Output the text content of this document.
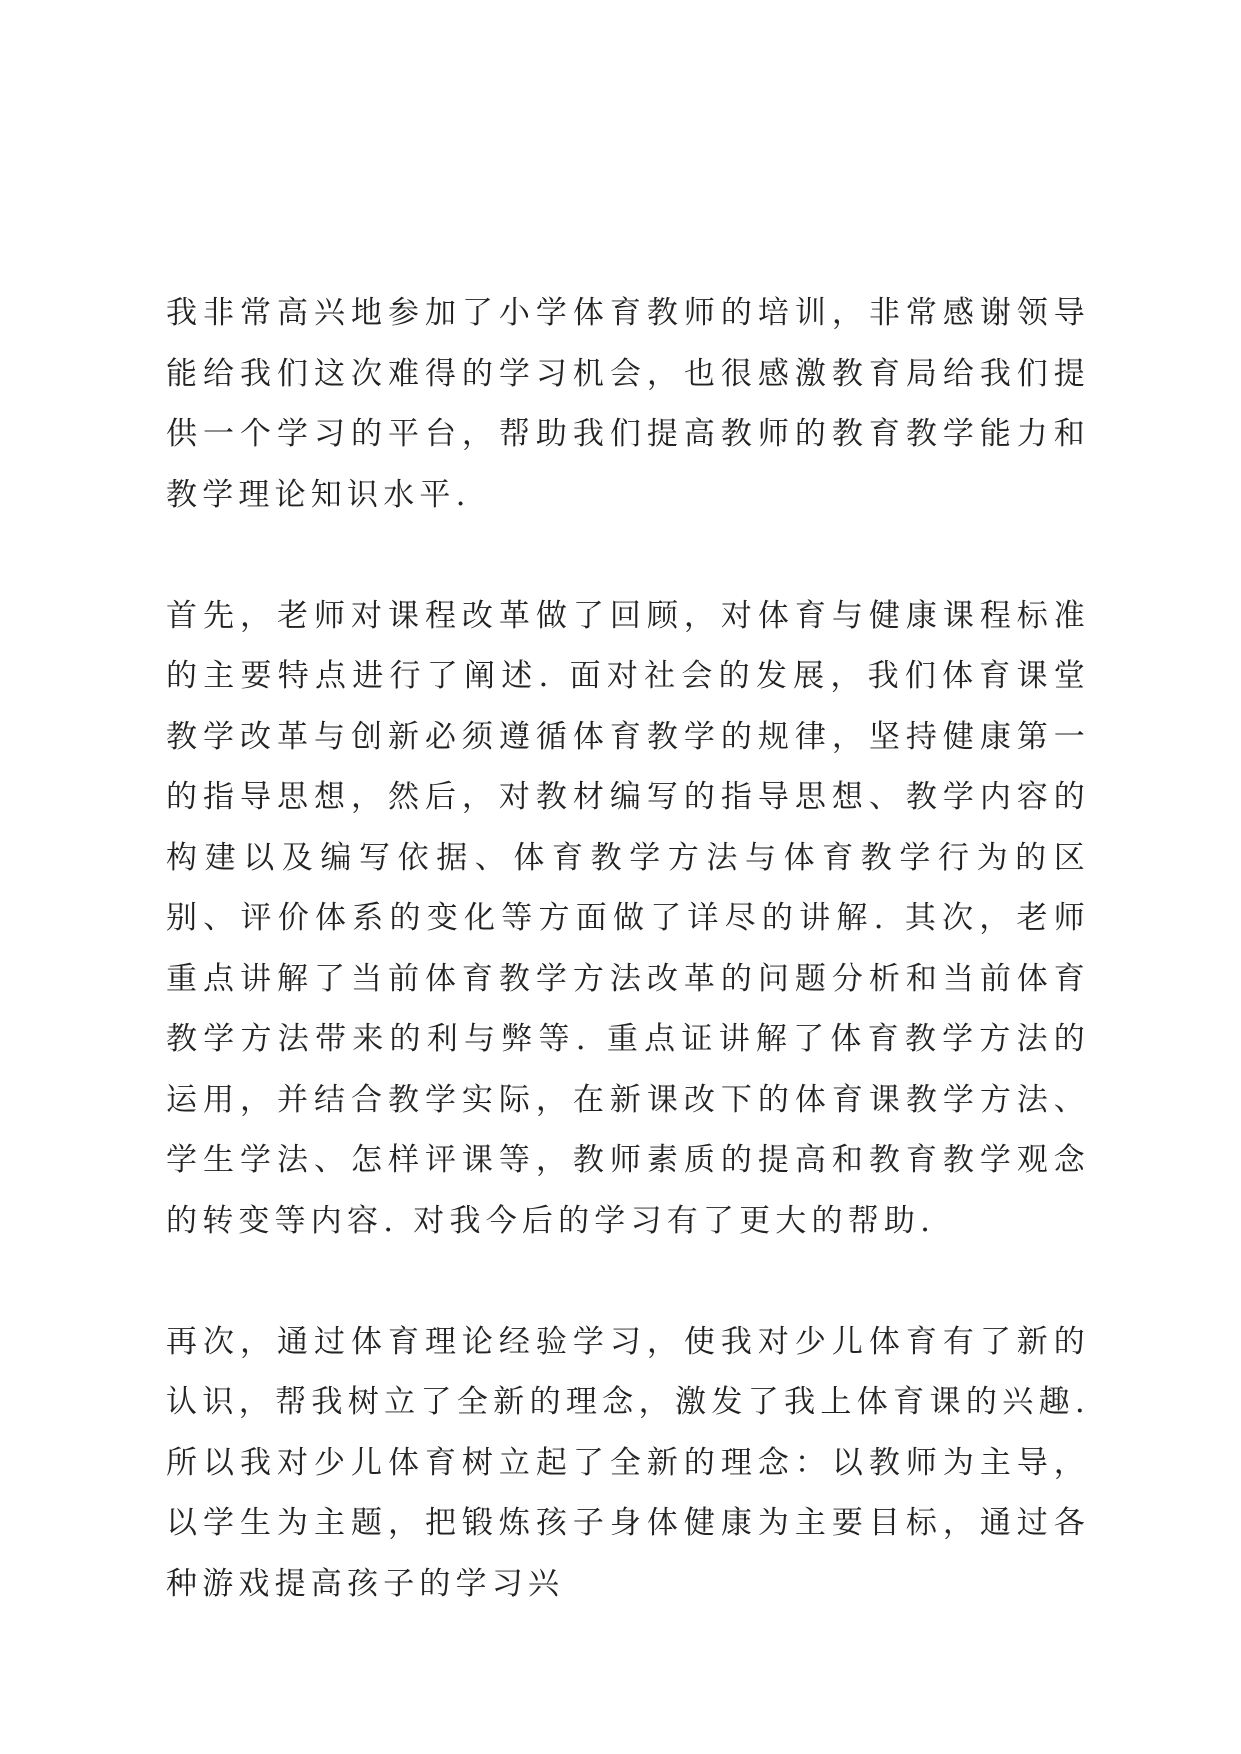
我非常高兴地参加了小学体育教师的培训，非常感谢领导能给我们这次难得的学习机会，也很感激教育局给我们提供一个学习的平台，帮助我们提高教师的教育教学能力和教学理论知识水平.

首先，老师对课程改革做了回顾，对体育与健康课程标准的主要特点进行了阐述. 面对社会的发展，我们体育课堂教学改革与创新必须遵循体育教学的规律，坚持健康第一的指导思想，然后，对教材编写的指导思想、教学内容的构建以及编写依据、体育教学方法与体育教学行为的区别、评价体系的变化等方面做了详尽的讲解. 其次，老师重点讲解了当前体育教学方法改革的问题分析和当前体育教学方法带来的利与弊等. 重点证讲解了体育教学方法的运用，并结合教学实际，在新课改下的体育课教学方法、学生学法、怎样评课等，教师素质的提高和教育教学观念的转变等内容. 对我今后的学习有了更大的帮助.

再次，通过体育理论经验学习，使我对少儿体育有了新的认识，帮我树立了全新的理念，激发了我上体育课的兴趣. 所以我对少儿体育树立起了全新的理念：以教师为主导，以学生为主题，把锻炼孩子身体健康为主要目标，通过各种游戏提高孩子的学习兴
